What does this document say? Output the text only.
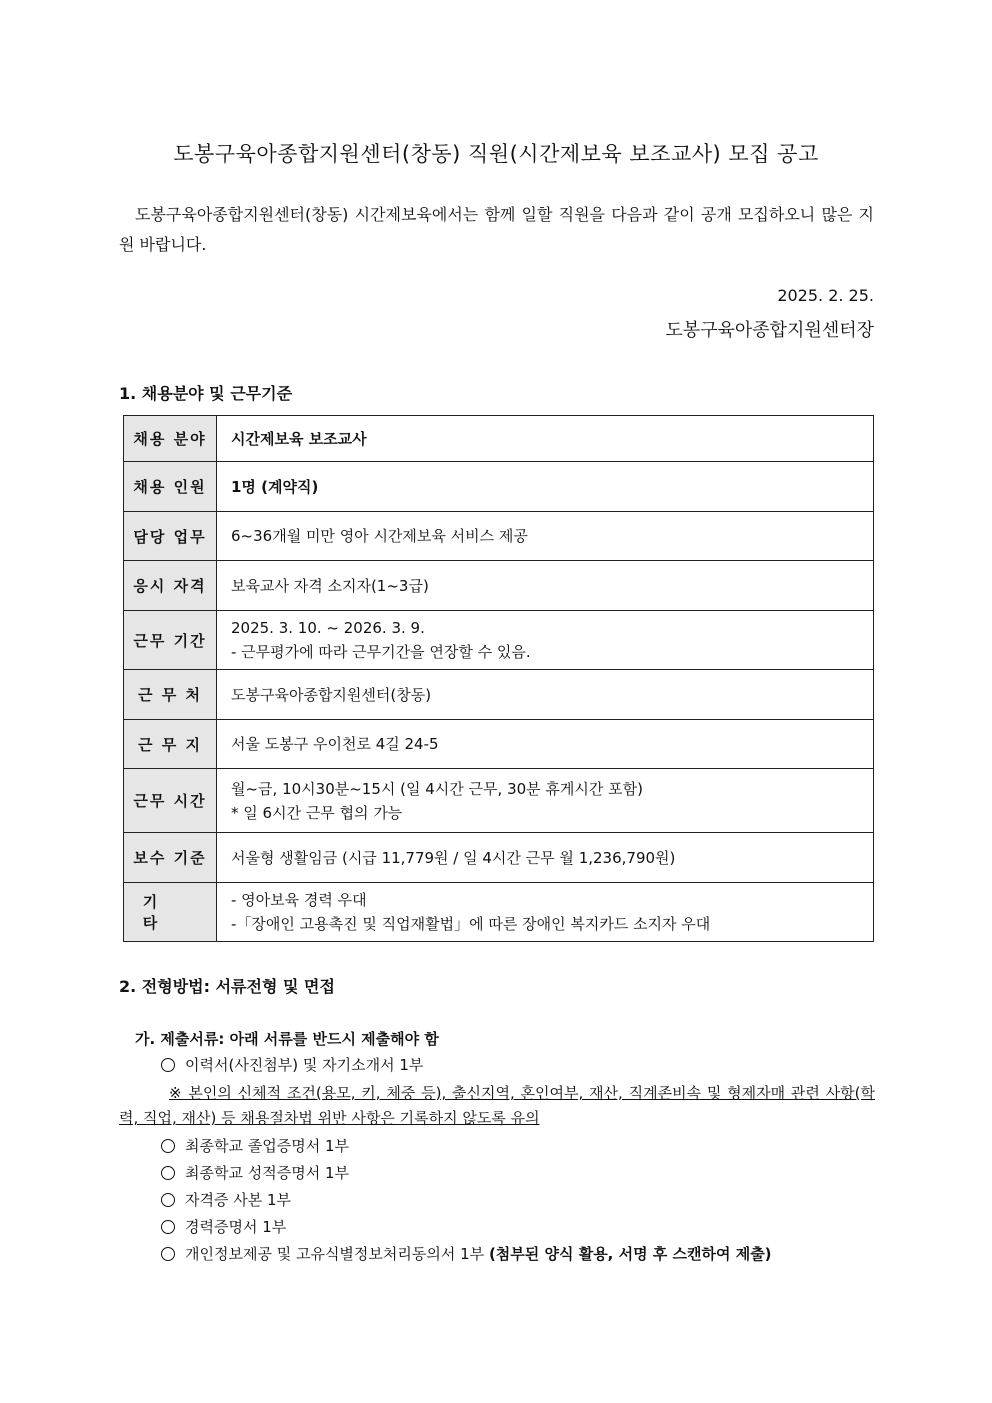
도봉구육아종합지원센터(창동) 직원(시간제보육 보조교사) 모집 공고
도봉구육아종합지원센터(창동) 시간제보육에서는 함께 일할 직원을 다음과 같이 공개 모집하오니 많은 지원 바랍니다.
2025. 2. 25.
도봉구육아종합지원센터장
1. 채용분야 및 근무기준
채용 분야	시간제보육 보조교사
채용 인원	1명 (계약직)
담당 업무	6~36개월 미만 영아 시간제보육 서비스 제공
응시 자격	보육교사 자격 소지자(1~3급)
근무 기간	2025. 3. 10. ~ 2026. 3. 9.
- 근무평가에 따라 근무기간을 연장할 수 있음.

근 무 처	도봉구육아종합지원센터(창동)
근 무 지	서울 도봉구 우이천로 4길 24-5
근무 시간	월~금, 10시30분~15시 (일 4시간 근무, 30분 휴게시간 포함)
* 일 6시간 근무 협의 가능

보수 기준	서울형 생활임금 (시급 11,779원 / 일 4시간 근무 월 1,236,790원)
기 타	- 영아보육 경력 우대
-「장애인 고용촉진 및 직업재활법」에 따른 장애인 복지카드 소지자 우대
2. 전형방법: 서류전형 및 면접
가. 제출서류: 아래 서류를 반드시 제출해야 함
이력서(사진첨부) 및 자기소개서 1부
※ 본인의 신체적 조건(용모, 키, 체중 등), 출신지역, 혼인여부, 재산, 직계존비속 및 형제자매 관련 사항(학력, 직업, 재산) 등 채용절차법 위반 사항은 기록하지 않도록 유의
최종학교 졸업증명서 1부
최종학교 성적증명서 1부
자격증 사본 1부
경력증명서 1부
개인정보제공 및 고유식별정보처리동의서 1부 (첨부된 양식 활용, 서명 후 스캔하여 제출)
